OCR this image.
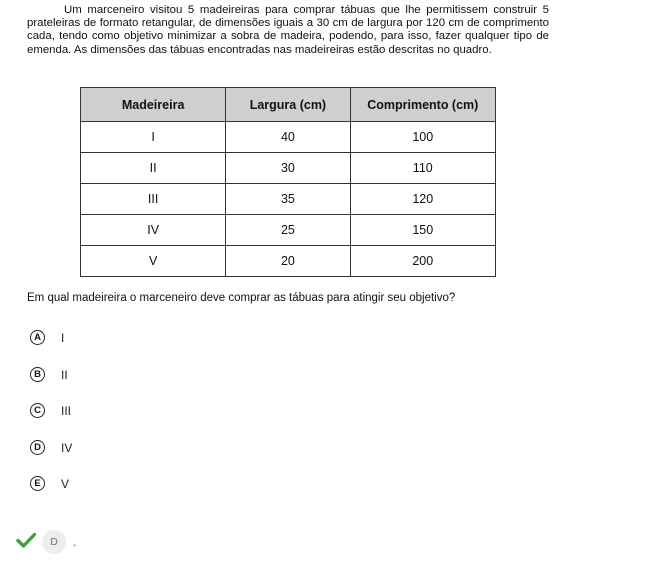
Um marceneiro visitou 5 madeireiras para comprar tábuas que lhe permitissem construir 5 prateleiras de formato retangular, de dimensões iguais a 30 cm de largura por 120 cm de comprimento cada, tendo como objetivo minimizar a sobra de madeira, podendo, para isso, fazer qualquer tipo de emenda. As dimensões das tábuas encontradas nas madeireiras estão descritas no quadro.
Madeireira	Largura (cm)	Comprimento (cm)
I	40	100
II	30	110
III	35	120
IV	25	150
V	20	200
Em qual madeireira o marceneiro deve comprar as tábuas para atingir seu objetivo?
A	I
B	II
C	III
D	IV
E	V
D	.
